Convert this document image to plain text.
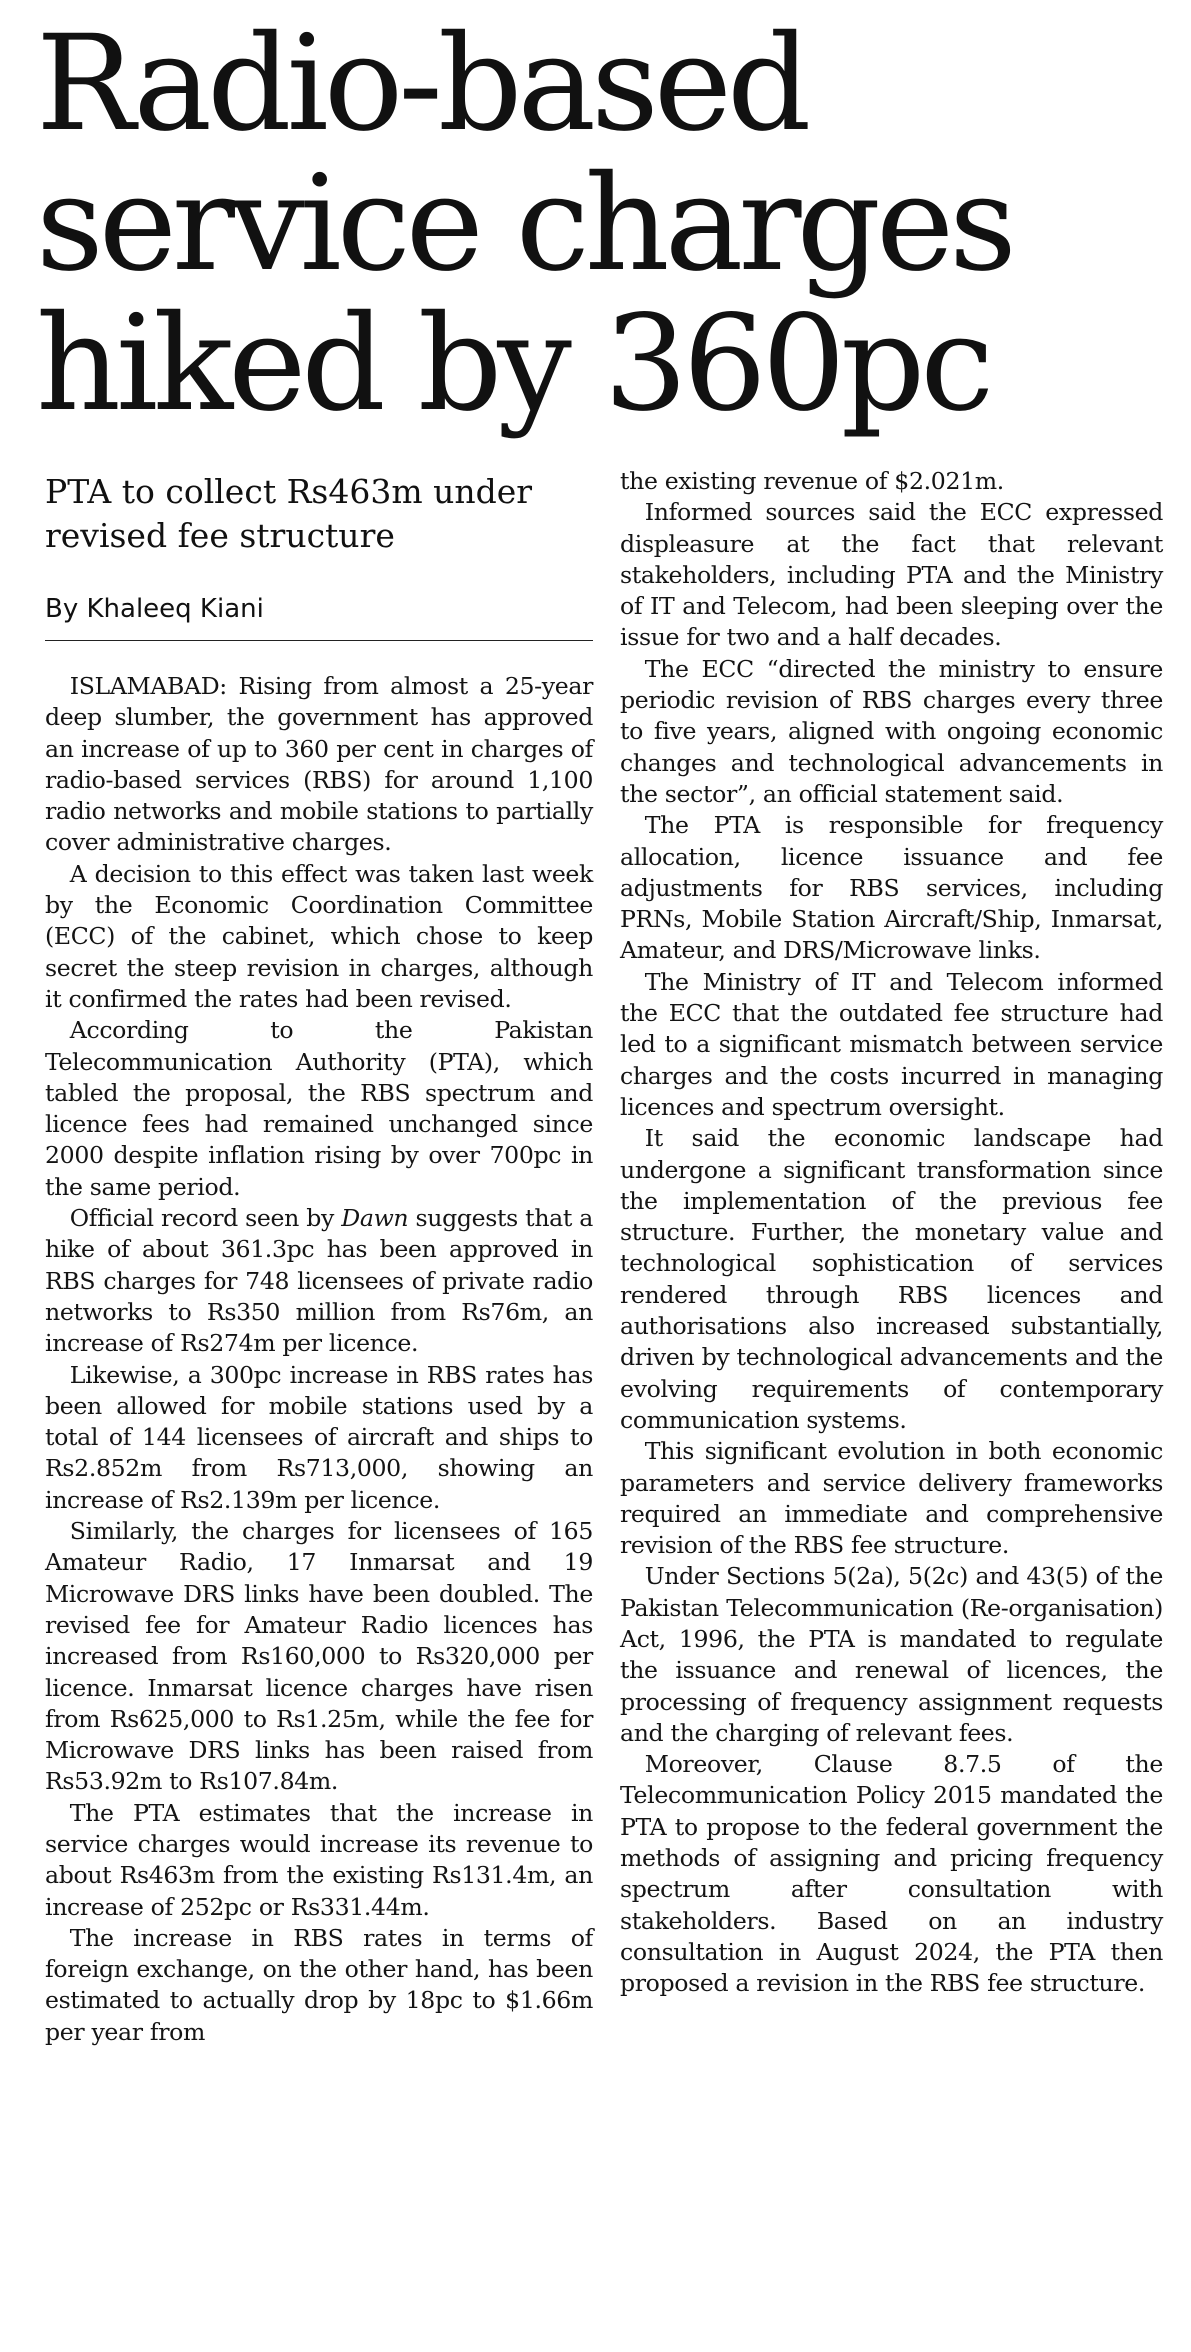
Radio-based service charges hiked by 360pc
PTA to collect Rs463m under revised fee structure
By Khaleeq Kiani

ISLAMABAD: Rising from almost a 25-year deep slumber, the government has approved an increase of up to 360 per cent in charges of radio-based services (RBS) for around 1,100 radio networks and mobile stations to partially cover administrative charges.

A decision to this effect was taken last week by the Economic Coordination Committee (ECC) of the cabinet, which chose to keep secret the steep revision in charges, although it confirmed the rates had been revised.

According to the Pakistan Telecommunication Authority (PTA), which tabled the proposal, the RBS spectrum and licence fees had remained unchanged since 2000 despite inflation rising by over 700pc in the same period.

Official record seen by Dawn suggests that a hike of about 361.3pc has been approved in RBS charges for 748 licensees of private radio networks to Rs350 million from Rs76m, an increase of Rs274m per licence.

Likewise, a 300pc increase in RBS rates has been allowed for mobile stations used by a total of 144 licensees of aircraft and ships to Rs2.852m from Rs713,000, showing an increase of Rs2.139m per licence.

Similarly, the charges for licensees of 165 Amateur Radio, 17 Inmarsat and 19 Microwave DRS links have been doubled. The revised fee for Amateur Radio licences has increased from Rs160,000 to Rs320,000 per licence. Inmarsat licence charges have risen from Rs625,000 to Rs1.25m, while the fee for Microwave DRS links has been raised from Rs53.92m to Rs107.84m.

The PTA estimates that the increase in service charges would increase its revenue to about Rs463m from the existing Rs131.4m, an increase of 252pc or Rs331.44m.

The increase in RBS rates in terms of foreign exchange, on the other hand, has been estimated to actually drop by 18pc to $1.66m per year from

the existing revenue of $2.021m.

Informed sources said the ECC expressed displeasure at the fact that relevant stakeholders, including PTA and the Ministry of IT and Telecom, had been sleeping over the issue for two and a half decades.

The ECC “directed the ministry to ensure periodic revision of RBS charges every three to five years, aligned with ongoing economic changes and technological advancements in the sector”, an official statement said.

The PTA is responsible for frequency allocation, licence issuance and fee adjustments for RBS services, including PRNs, Mobile Station Aircraft/Ship, Inmarsat, Amateur, and DRS/Microwave links.

The Ministry of IT and Telecom informed the ECC that the outdated fee structure had led to a significant mismatch between service charges and the costs incurred in managing licences and spectrum oversight.

It said the economic landscape had undergone a significant transformation since the implementation of the previous fee structure. Further, the monetary value and technological sophistication of services rendered through RBS licences and authorisations also increased substantially, driven by technological advancements and the evolving requirements of contemporary communication systems.

This significant evolution in both economic parameters and service delivery frameworks required an immediate and comprehensive revision of the RBS fee structure.

Under Sections 5(2a), 5(2c) and 43(5) of the Pakistan Telecommunication (Re-organisation) Act, 1996, the PTA is mandated to regulate the issuance and renewal of licences, the processing of frequency assignment requests and the charging of relevant fees.

Moreover, Clause 8.7.5 of the Telecommunication Policy 2015 mandated the PTA to propose to the federal government the methods of assigning and pricing frequency spectrum after consultation with stakeholders. Based on an industry consultation in August 2024, the PTA then proposed a revision in the RBS fee structure.
